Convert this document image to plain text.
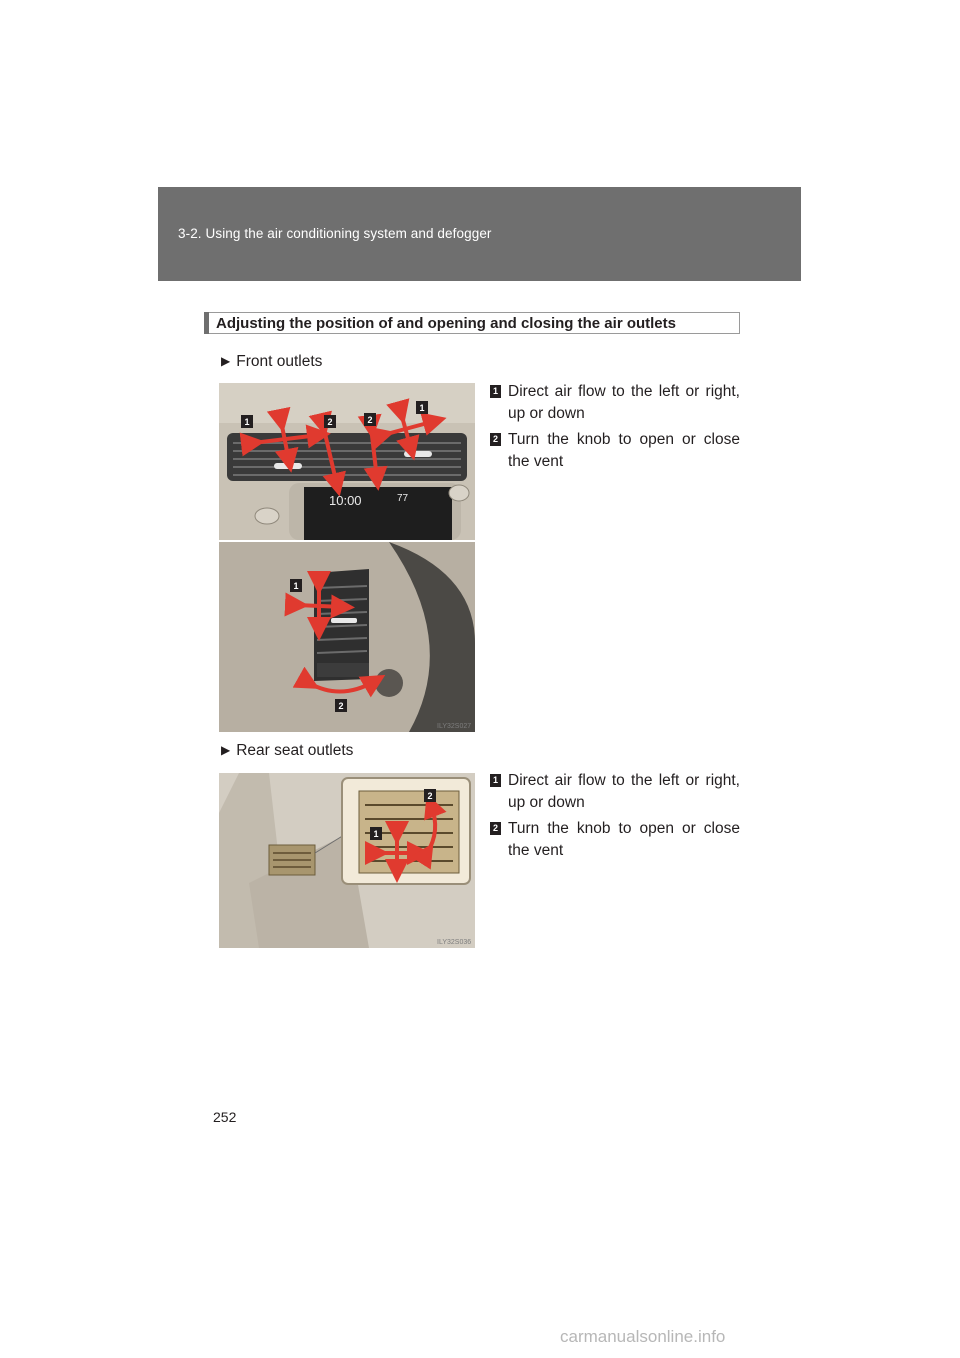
3-2. Using the air conditioning system and defogger
Adjusting the position of and opening and closing the air outlets
▶ Front outlets
10:00	77
1	2	2
1
1
2
ILY32S027
1 Direct air flow to the left or right, up or down
2 Turn the knob to open or close the vent
▶ Rear seat outlets
2
1
ILY32S036
1 Direct air flow to the left or right, up or down
2 Turn the knob to open or close the vent
252
carmanualsonline.info
